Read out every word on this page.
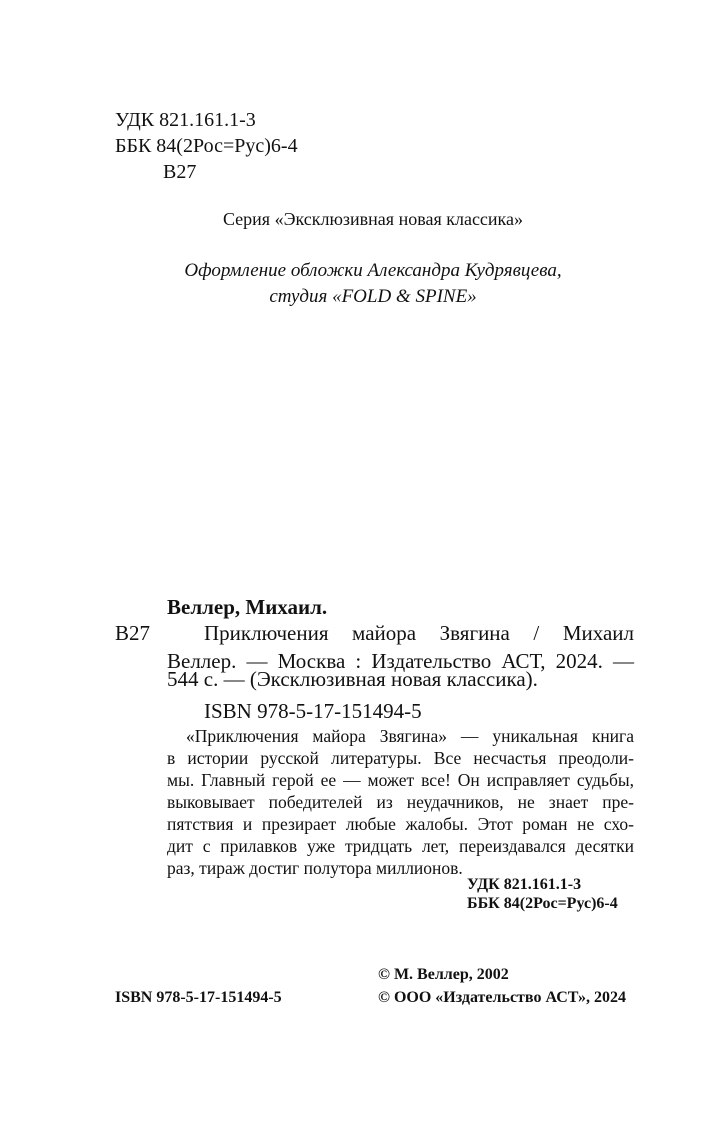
УДК 821.161.1-3
ББК 84(2Рос=Рус)6-4
В27
Серия «Эксклюзивная новая классика»
Оформление обложки Александра Кудрявцева,
студия «FOLD & SPINE»
Веллер, Михаил.
В27	Приключения майора Звягина / Михаил
Веллер. — Москва : Издательство АСТ, 2024. —
544 с. — (Эксклюзивная новая классика).
ISBN 978-5-17-151494-5
«Приключения майора Звягина» — уникальная книга
в истории русской литературы. Все несчастья преодоли-
мы. Главный герой ее — может все! Он исправляет судьбы,
выковывает победителей из неудачников, не знает пре-
пятствия и презирает любые жалобы. Этот роман не схо-
дит с прилавков уже тридцать лет, переиздавался десятки
раз, тираж достиг полутора миллионов.
УДК 821.161.1-3
ББК 84(2Рос=Рус)6-4
© М. Веллер, 2002
ISBN 978-5-17-151494-5	© ООО «Издательство АСТ», 2024
